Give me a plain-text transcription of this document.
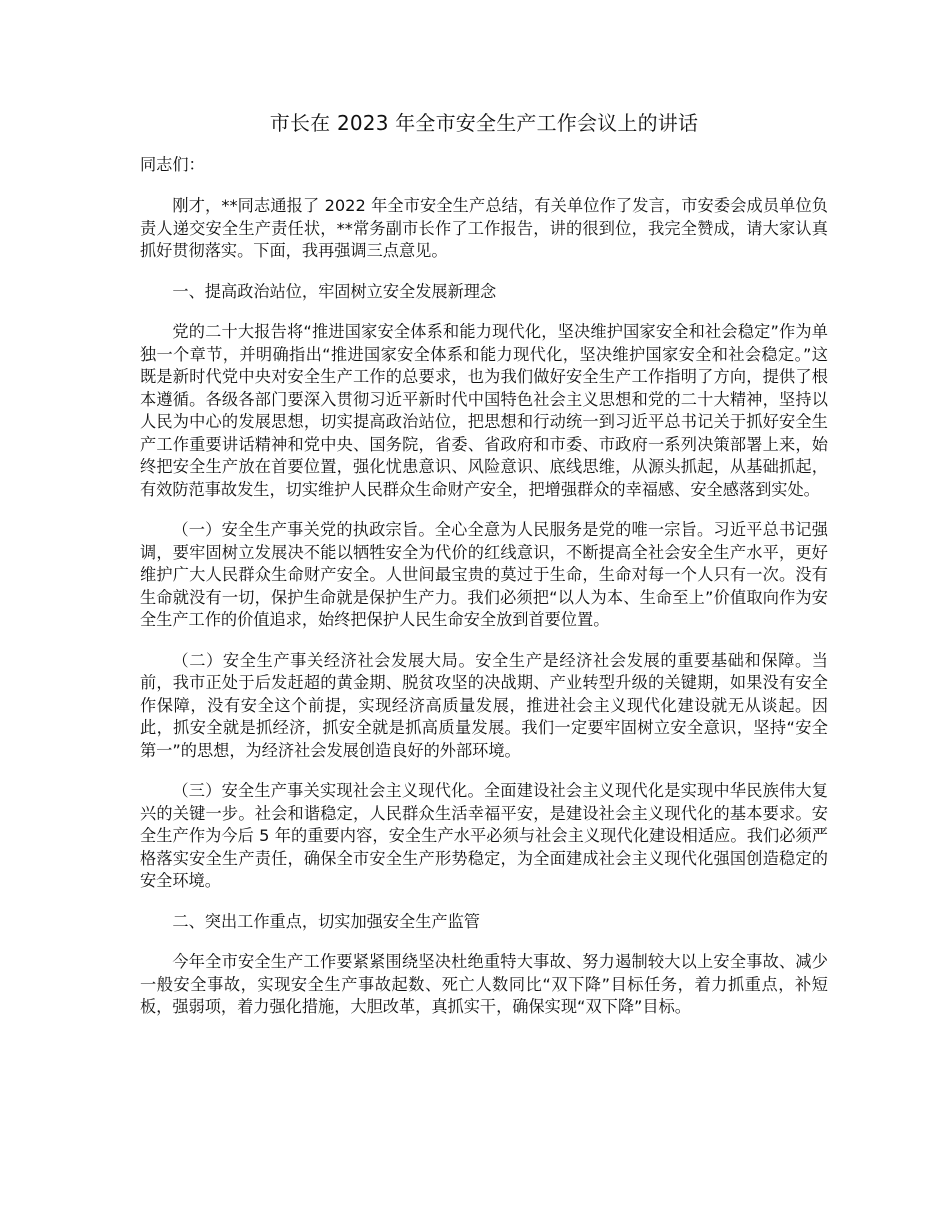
市长在 2023 年全市安全生产工作会议上的讲话

同志们：

刚才，**同志通报了 2022 年全市安全生产总结，有关单位作了发言，市安委会成员单位负责人递交安全生产责任状，**常务副市长作了工作报告，讲的很到位，我完全赞成，请大家认真抓好贯彻落实。下面，我再强调三点意见。

一、提高政治站位，牢固树立安全发展新理念

党的二十大报告将“推进国家安全体系和能力现代化，坚决维护国家安全和社会稳定”作为单独一个章节，并明确指出“推进国家安全体系和能力现代化，坚决维护国家安全和社会稳定。”这既是新时代党中央对安全生产工作的总要求，也为我们做好安全生产工作指明了方向，提供了根本遵循。各级各部门要深入贯彻习近平新时代中国特色社会主义思想和党的二十大精神，坚持以人民为中心的发展思想，切实提高政治站位，把思想和行动统一到习近平总书记关于抓好安全生产工作重要讲话精神和党中央、国务院，省委、省政府和市委、市政府一系列决策部署上来，始终把安全生产放在首要位置，强化忧患意识、风险意识、底线思维，从源头抓起，从基础抓起，有效防范事故发生，切实维护人民群众生命财产安全，把增强群众的幸福感、安全感落到实处。

（一）安全生产事关党的执政宗旨。全心全意为人民服务是党的唯一宗旨。习近平总书记强调，要牢固树立发展决不能以牺牲安全为代价的红线意识，不断提高全社会安全生产水平，更好维护广大人民群众生命财产安全。人世间最宝贵的莫过于生命，生命对每一个人只有一次。没有生命就没有一切，保护生命就是保护生产力。我们必须把“以人为本、生命至上”价值取向作为安全生产工作的价值追求，始终把保护人民生命安全放到首要位置。

（二）安全生产事关经济社会发展大局。安全生产是经济社会发展的重要基础和保障。当前，我市正处于后发赶超的黄金期、脱贫攻坚的决战期、产业转型升级的关键期，如果没有安全作保障，没有安全这个前提，实现经济高质量发展，推进社会主义现代化建设就无从谈起。因此，抓安全就是抓经济，抓安全就是抓高质量发展。我们一定要牢固树立安全意识，坚持“安全第一”的思想，为经济社会发展创造良好的外部环境。

（三）安全生产事关实现社会主义现代化。全面建设社会主义现代化是实现中华民族伟大复兴的关键一步。社会和谐稳定，人民群众生活幸福平安，是建设社会主义现代化的基本要求。安全生产作为今后 5 年的重要内容，安全生产水平必须与社会主义现代化建设相适应。我们必须严格落实安全生产责任，确保全市安全生产形势稳定，为全面建成社会主义现代化强国创造稳定的安全环境。

二、突出工作重点，切实加强安全生产监管

今年全市安全生产工作要紧紧围绕坚决杜绝重特大事故、努力遏制较大以上安全事故、减少一般安全事故，实现安全生产事故起数、死亡人数同比“双下降”目标任务，着力抓重点，补短板，强弱项，着力强化措施，大胆改革，真抓实干，确保实现“双下降”目标。
